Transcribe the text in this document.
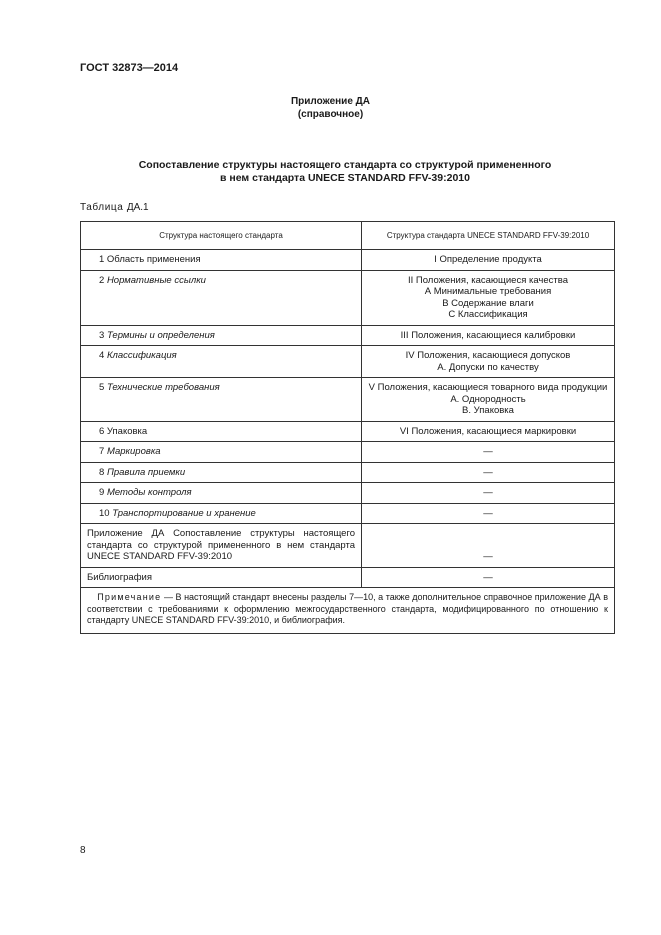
ГОСТ 32873—2014
Приложение ДА
(справочное)
Сопоставление структуры настоящего стандарта со структурой примененного
в нем стандарта UNECE STANDARD FFV-39:2010
Таблица ДА.1
Структура настоящего стандарта	Структура стандарта UNECE STANDARD FFV-39:2010
1 Область применения	I Определение продукта

2 Нормативные ссылки	II Положения, касающиеся качества
А Минимальные требования
В Содержание влаги
С Классификация

3 Термины и определения	III Положения, касающиеся калибровки

4 Классификация	IV Положения, касающиеся допусков
А. Допуски по качеству

5 Технические требования	V Положения, касающиеся товарного вида продукции
А. Однородность
В. Упаковка

6 Упаковка	VI Положения, касающиеся маркировки

7 Маркировка	—

8 Правила приемки	—

9 Методы контроля	—

10 Транспортирование и хранение	—

Приложение ДА Сопоставление структуры настоящего стандарта со структурой примененного в нем стандарта UNECE STANDARD FFV-39:2010	—

Библиография	—

Примечание — В настоящий стандарт внесены разделы 7—10, а также дополнительное справочное приложение ДА в соответствии с требованиями к оформлению межгосударственного стандарта, модифицированного по отношению к стандарту UNECE STANDARD FFV-39:2010, и библиография.	
8
